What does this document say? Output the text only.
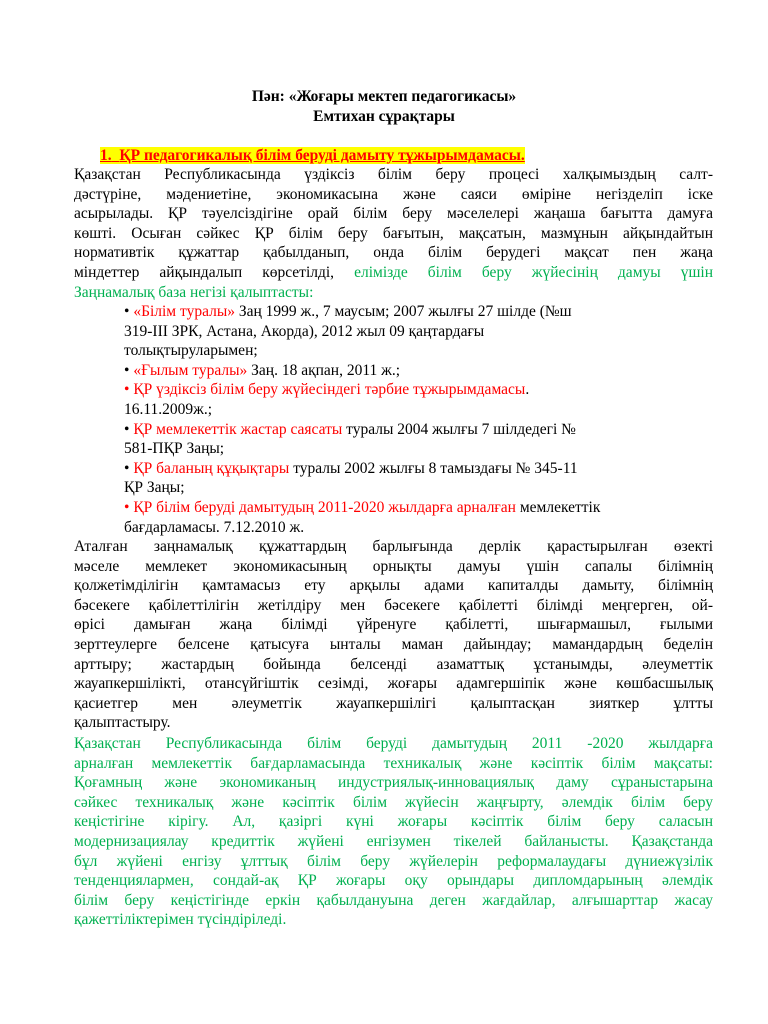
Пән: «Жоғары мектеп педагогикасы»
Емтихан сұрақтары
1. ҚР педагогикалық білім беруді дамыту тұжырымдамасы.
Қазақстан Республикасында үздіксіз білім беру процесі халқымыздың салт-
дәстүріне, мәдениетіне, экономикасына және саяси өміріне негізделіп іске
асырылады. ҚР тәуелсіздігіне орай білім беру мәселелері жаңаша бағытта дамуға
көшті. Осыған сәйкес ҚР білім беру бағытын, мақсатын, мазмұнын айқындайтын
нормативтік құжаттар қабылданып, онда білім берудегі мақсат пен жаңа
міндеттер айқындалып көрсетілді, елімізде білім беру жүйесінің дамуы үшін
Заңнамалық база негізі қалыптасты:
• «Білім туралы» Заң 1999 ж., 7 маусым; 2007 жылғы 27 шілде (№ш
319-III ЗРК, Астана, Акорда), 2012 жыл 09 қаңтардағы
толықтыруларымен;
• «Ғылым туралы» Заң. 18 ақпан, 2011 ж.;
• ҚР үздіксіз білім беру жүйесіндегі тәрбие тұжырымдамасы.
16.11.2009ж.;
• ҚР мемлекеттік жастар саясаты туралы 2004 жылғы 7 шілдедегі №
581-ПҚР Заңы;
• ҚР баланың құқықтары туралы 2002 жылғы 8 тамыздағы № 345-11
ҚР Заңы;
• ҚР білім беруді дамытудың 2011-2020 жылдарға арналған мемлекеттік
бағдарламасы. 7.12.2010 ж.
Аталған заңнамалық құжаттардың барлығында дерлік қарастырылған өзекті
мәселе мемлекет экономикасының орнықты дамуы үшін сапалы білімнің
қолжетімділігін қамтамасыз ету арқылы адами капиталды дамыту, білімнің
бәсекеге қабілеттілігін жетілдіру мен бәсекеге қабілетті білімді меңгерген, ой-
өрісі дамыған жаңа білімді үйренуге қабілетті, шығармашыл, ғылыми
зерттеулерге белсене қатысуға ынталы маман дайындау; мамандардың беделін
арттыру; жастардың бойында белсенді азаматтық ұстанымды, әлеуметтік
жауапкершілікті, отансүйгіштік сезімді, жоғары адамгершіпік және көшбасшылық
қасиетгер мен әлеуметгік жауапкершілігі қалыптасқан зияткер ұлтты
қалыптастыру.
Қазақстан Республикасында білім беруді дамытудың 2011 -2020 жылдарға
арналған мемлекеттік бағдарламасында техникалық және кәсіптік білім мақсаты:
Қоғамның және экономиканың индустриялық-инновациялық даму сұраныстарына
сәйкес техникалық және кәсіптік білім жүйесін жаңғырту, әлемдік білім беру
кеңістігіне кірігу. Ал, қазіргі күні жоғары кәсіптік білім беру саласын
модернизациялау кредиттік жүйені енгізумен тікелей байланысты. Қазақстанда
бұл жүйені енгізу ұлттық білім беру жүйелерін реформалаудағы дүниежүзілік
тенденциялармен, сондай-ақ ҚР жоғары оқу орындары дипломдарының әлемдік
білім беру кеңістігінде еркін қабылдануына деген жағдайлар, алғышарттар жасау
қажеттіліктерімен түсіндіріледі.
